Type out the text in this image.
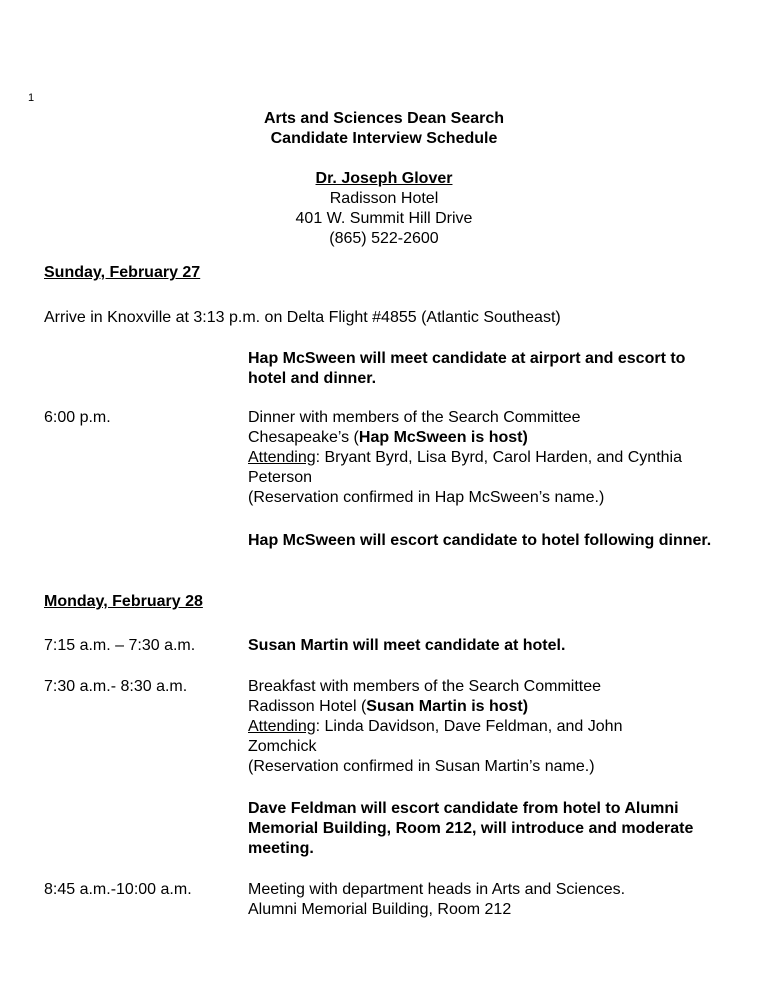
1
Arts and Sciences Dean Search
Candidate Interview Schedule
Dr. Joseph Glover
Radisson Hotel
401 W. Summit Hill Drive
(865) 522-2600
Sunday, February 27
Arrive in Knoxville at 3:13 p.m. on Delta Flight #4855 (Atlantic Southeast)
Hap McSween will meet candidate at airport and escort to hotel and dinner.
6:00 p.m.	Dinner with members of the Search Committee
Chesapeake’s (Hap McSween is host)
Attending: Bryant Byrd, Lisa Byrd, Carol Harden, and Cynthia Peterson
(Reservation confirmed in Hap McSween’s name.)
Hap McSween will escort candidate to hotel following dinner.
Monday, February 28
7:15 a.m. – 7:30 a.m.	Susan Martin will meet candidate at hotel.
7:30 a.m.- 8:30 a.m.	Breakfast with members of the Search Committee
Radisson Hotel (Susan Martin is host)
Attending: Linda Davidson, Dave Feldman, and John Zomchick
(Reservation confirmed in Susan Martin’s name.)
Dave Feldman will escort candidate from hotel to Alumni Memorial Building, Room 212, will introduce and moderate meeting.
8:45 a.m.-10:00 a.m.	Meeting with department heads in Arts and Sciences.
Alumni Memorial Building, Room 212
